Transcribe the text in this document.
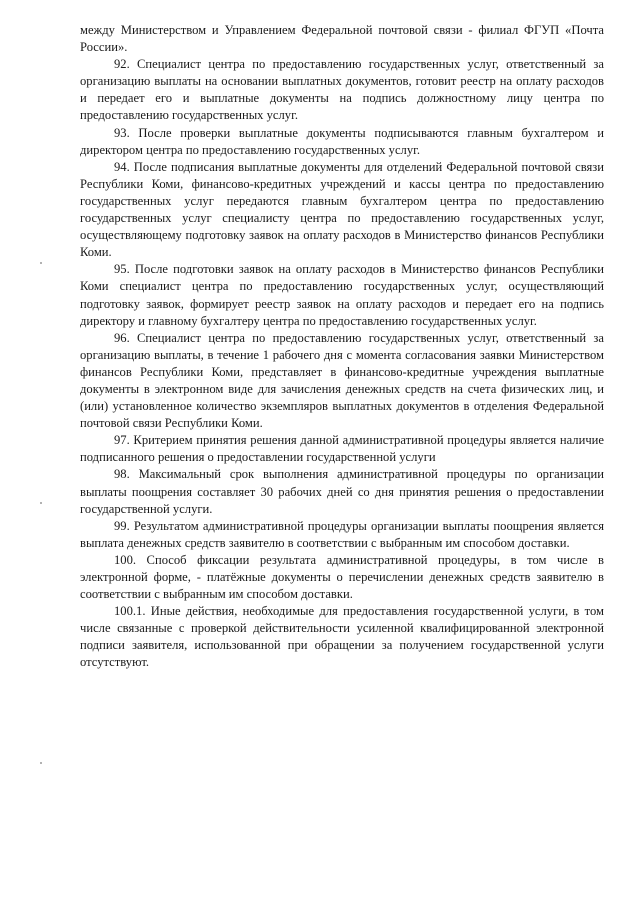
между Министерством и Управлением Федеральной почтовой связи - филиал ФГУП «Почта России».

92. Специалист центра по предоставлению государственных услуг, ответственный за организацию выплаты на основании выплатных документов, готовит реестр на оплату расходов и передает его и выплатные документы на подпись должностному лицу центра по предоставлению государственных услуг.

93. После проверки выплатные документы подписываются главным бухгалтером и директором центра по предоставлению государственных услуг.

94. После подписания выплатные документы для отделений Федеральной почтовой связи Республики Коми, финансово-кредитных учреждений и кассы центра по предоставлению государственных услуг передаются главным бухгалтером центра по предоставлению государственных услуг специалисту центра по предоставлению государственных услуг, осуществляющему подготовку заявок на оплату расходов в Министерство финансов Республики Коми.

95. После подготовки заявок на оплату расходов в Министерство финансов Республики Коми специалист центра по предоставлению государственных услуг, осуществляющий подготовку заявок, формирует реестр заявок на оплату расходов и передает его на подпись директору и главному бухгалтеру центра по предоставлению государственных услуг.

96. Специалист центра по предоставлению государственных услуг, ответственный за организацию выплаты, в течение 1 рабочего дня с момента согласования заявки Министерством финансов Республики Коми, представляет в финансово-кредитные учреждения выплатные документы в электронном виде для зачисления денежных средств на счета физических лиц, и (или) установленное количество экземпляров выплатных документов в отделения Федеральной почтовой связи Республики Коми.

97. Критерием принятия решения данной административной процедуры является наличие подписанного решения о предоставлении государственной услуги

98. Максимальный срок выполнения административной процедуры по организации выплаты поощрения составляет 30 рабочих дней со дня принятия решения о предоставлении государственной услуги.

99. Результатом административной процедуры организации выплаты поощрения является выплата денежных средств заявителю в соответствии с выбранным им способом доставки.

100. Способ фиксации результата административной процедуры, в том числе в электронной форме, - платёжные документы о перечислении денежных средств заявителю в соответствии с выбранным им способом доставки.

100.1. Иные действия, необходимые для предоставления государственной услуги, в том числе связанные с проверкой действительности усиленной квалифицированной электронной подписи заявителя, использованной при обращении за получением государственной услуги отсутствуют.
